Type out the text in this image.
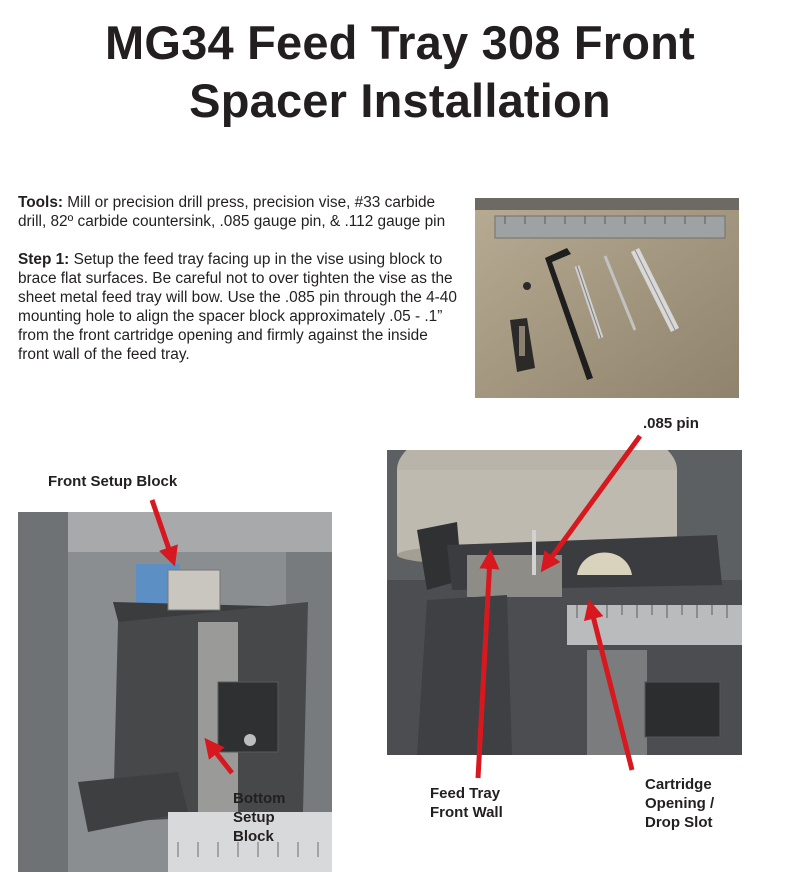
MG34 Feed Tray 308 Front
Spacer Installation

Tools: Mill or precision drill press, precision vise, #33 carbide drill, 82º carbide countersink, .085 gauge pin, & .112 gauge pin

Step 1: Setup the feed tray facing up in the vise using block to brace flat surfaces. Be careful not to over tighten the vise as the sheet metal feed tray will bow. Use the .085 pin through the 4-40 mounting hole to align the spacer block approximately .05 - .1” from the front cartridge opening and firmly against the inside front wall of the feed tray.

Front Setup Block
Bottom
Setup
Block
.085 pin
Feed Tray
Front Wall
Cartridge
Opening /
Drop Slot
